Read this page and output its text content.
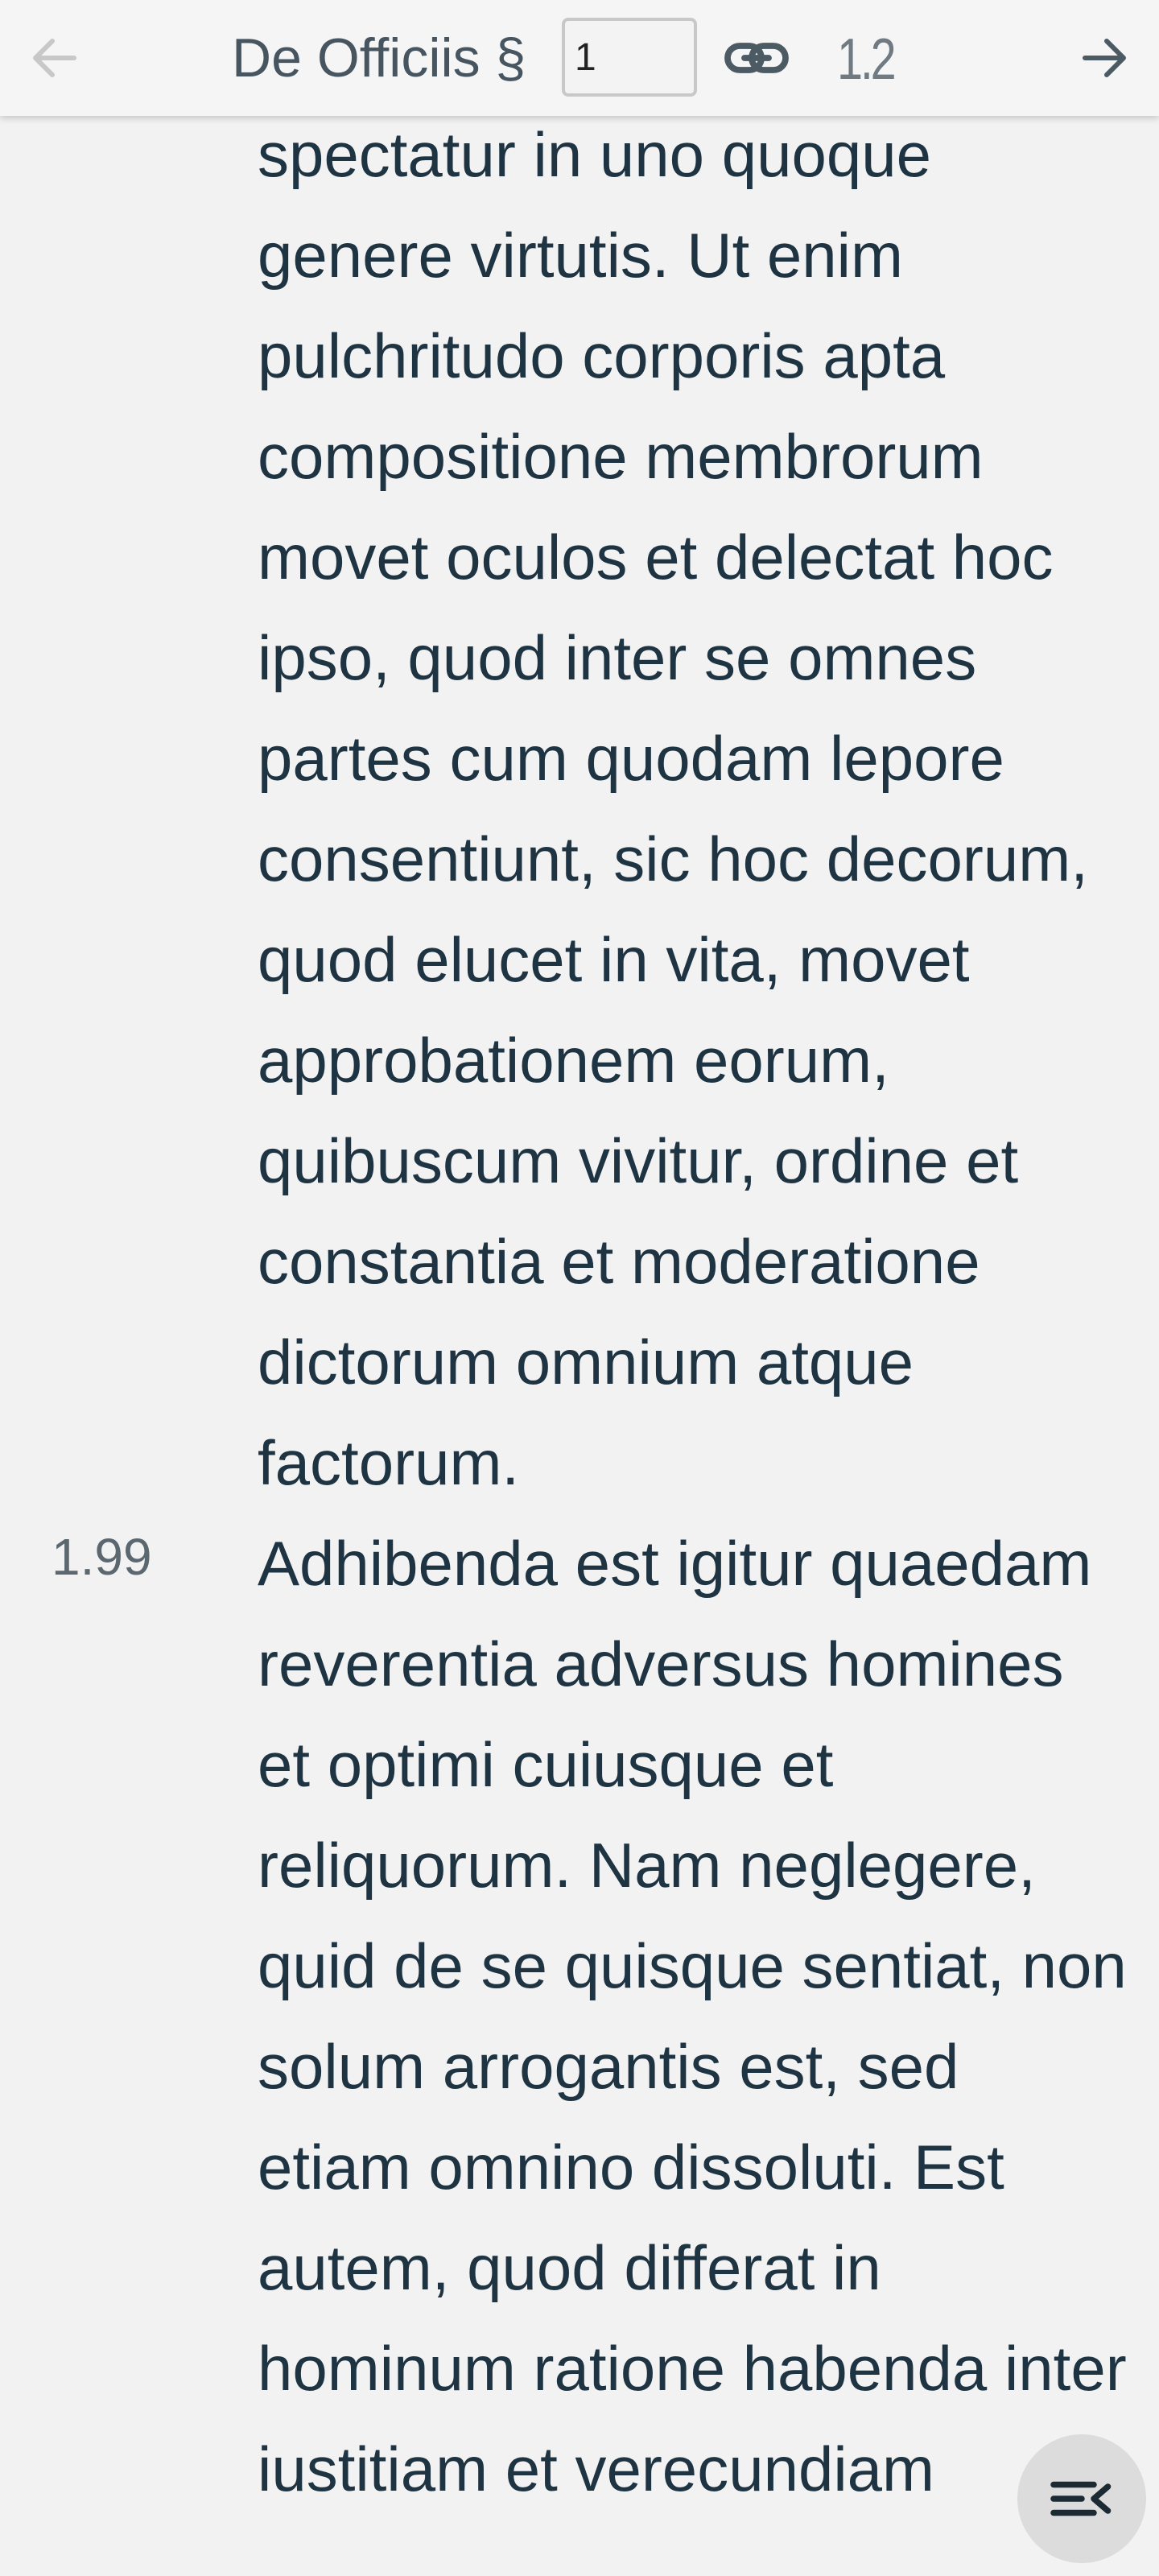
De Officiis §
1	1.2

spectatur in uno quoque genere virtutis. Ut enim pulchritudo corporis apta compositione membrorum movet oculos et delectat hoc ipso, quod inter se omnes partes cum quodam lepore consentiunt, sic hoc decorum, quod elucet in vita, movet approbationem eorum, quibuscum vivitur, ordine et constantia et moderatione dictorum omnium atque factorum.

1.99 Adhibenda est igitur quaedam reverentia adversus homines et optimi cuiusque et reliquorum. Nam neglegere, quid de se quisque sentiat, non solum arrogantis est, sed etiam omnino dissoluti. Est autem, quod differat in hominum ratione habenda inter iustitiam et verecundiam
